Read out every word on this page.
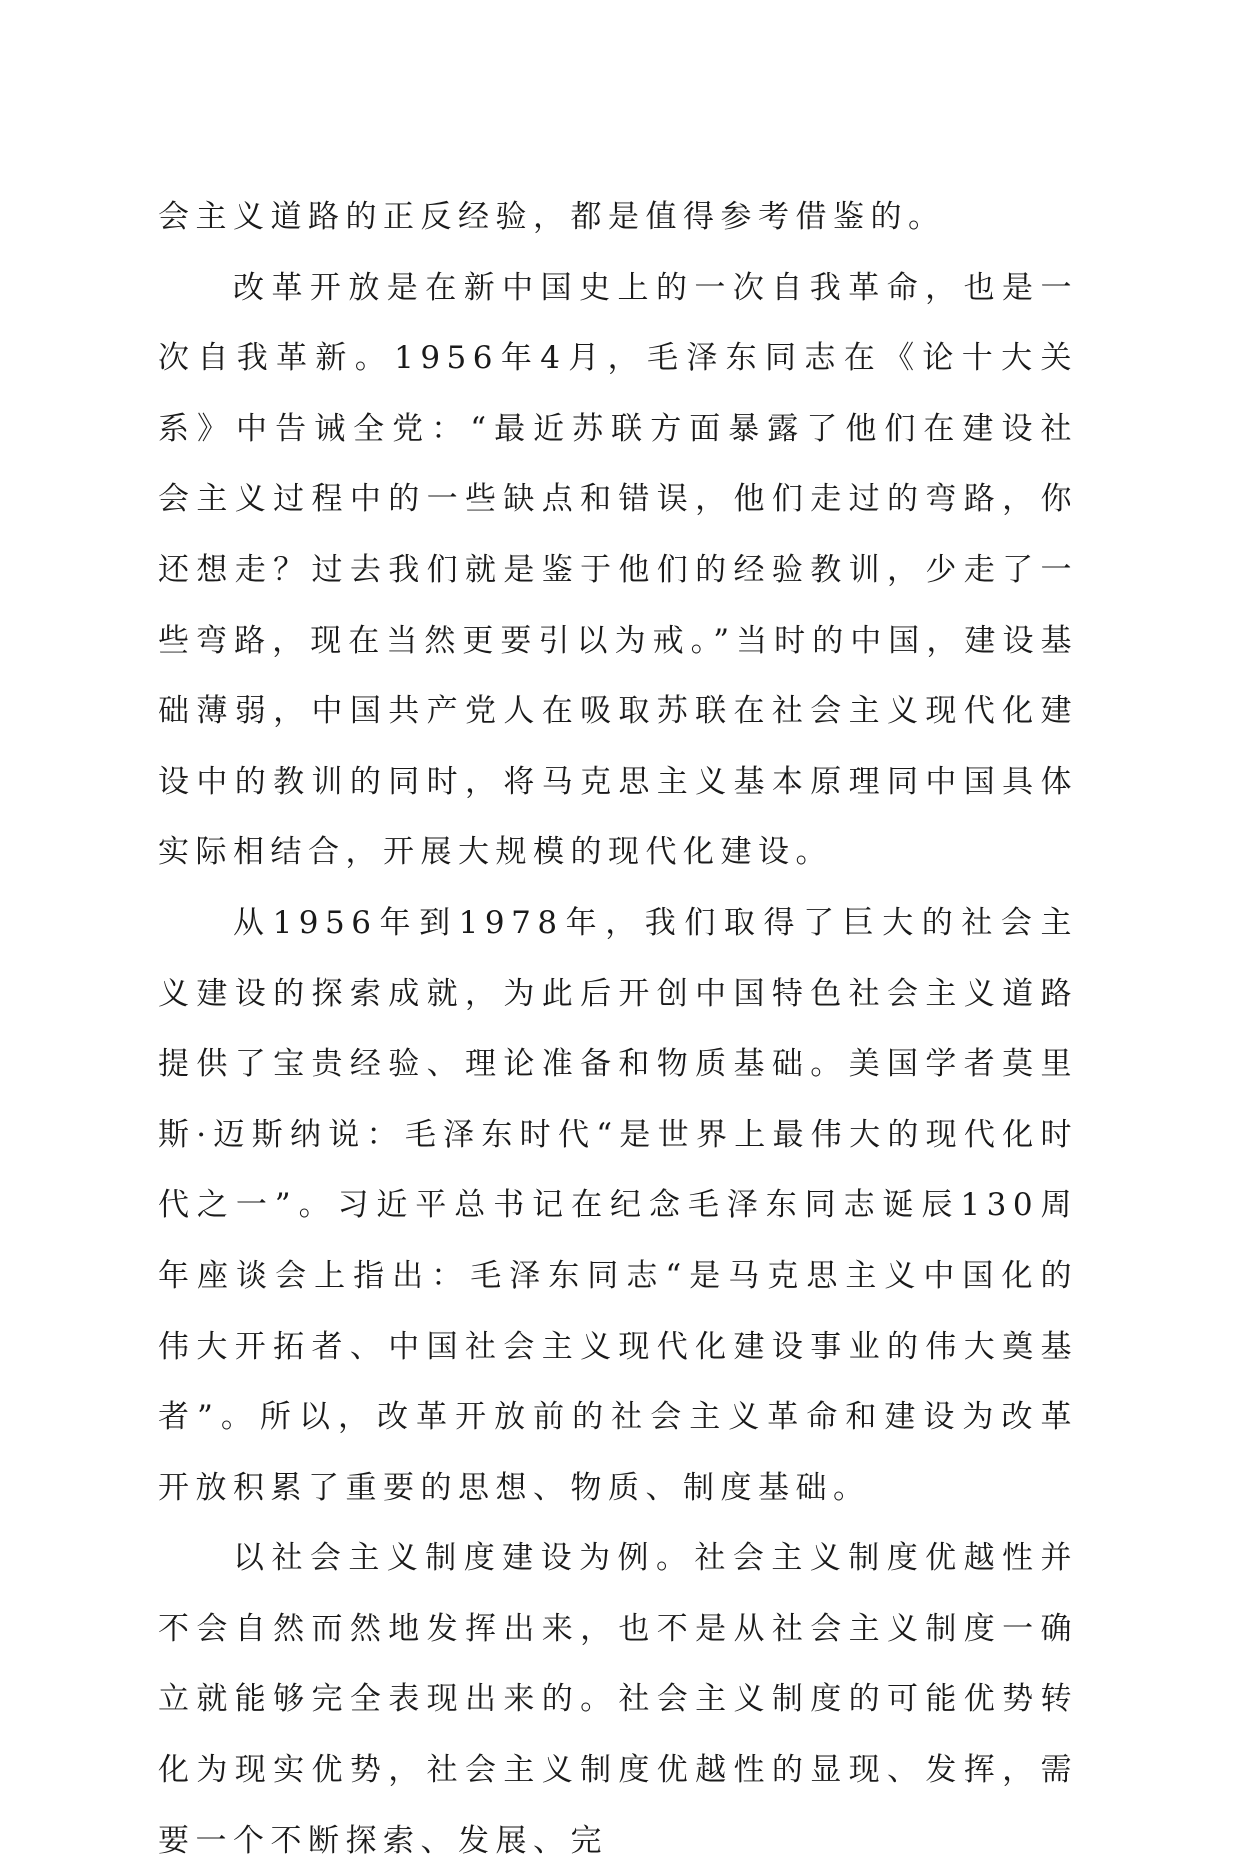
会主义道路的正反经验，都是值得参考借鉴的。

改革开放是在新中国史上的一次自我革命，也是一次自我革新。1956年4月，毛泽东同志在《论十大关系》中告诫全党：“最近苏联方面暴露了他们在建设社会主义过程中的一些缺点和错误，他们走过的弯路，你还想走？过去我们就是鉴于他们的经验教训，少走了一些弯路，现在当然更要引以为戒。”当时的中国，建设基础薄弱，中国共产党人在吸取苏联在社会主义现代化建设中的教训的同时，将马克思主义基本原理同中国具体实际相结合，开展大规模的现代化建设。

从1956年到1978年，我们取得了巨大的社会主义建设的探索成就，为此后开创中国特色社会主义道路提供了宝贵经验、理论准备和物质基础。美国学者莫里斯·迈斯纳说：毛泽东时代“是世界上最伟大的现代化时代之一”。习近平总书记在纪念毛泽东同志诞辰130周年座谈会上指出：毛泽东同志“是马克思主义中国化的伟大开拓者、中国社会主义现代化建设事业的伟大奠基者”。所以，改革开放前的社会主义革命和建设为改革开放积累了重要的思想、物质、制度基础。

以社会主义制度建设为例。社会主义制度优越性并不会自然而然地发挥出来，也不是从社会主义制度一确立就能够完全表现出来的。社会主义制度的可能优势转化为现实优势，社会主义制度优越性的显现、发挥，需要一个不断探索、发展、完
